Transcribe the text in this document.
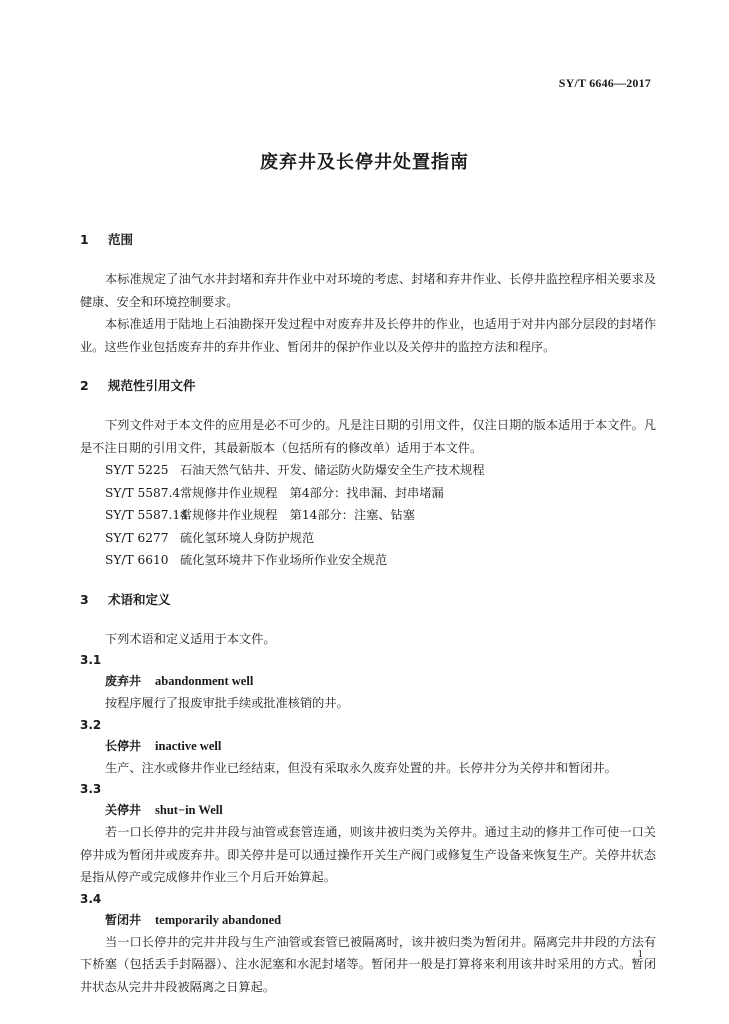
SY/T 6646—2017
废弃井及长停井处置指南
1 范围

本标准规定了油气水井封堵和弃井作业中对环境的考虑、封堵和弃井作业、长停井监控程序相关要求及健康、安全和环境控制要求。

本标准适用于陆地上石油勘探开发过程中对废弃井及长停井的作业，也适用于对井内部分层段的封堵作业。这些作业包括废弃井的弃井作业、暂闭井的保护作业以及关停井的监控方法和程序。

2 规范性引用文件

下列文件对于本文件的应用是必不可少的。凡是注日期的引用文件，仅注日期的版本适用于本文件。凡是不注日期的引用文件，其最新版本（包括所有的修改单）适用于本文件。

SY/T 5225 石油天然气钻井、开发、储运防火防爆安全生产技术规程
SY/T 5587.4常规修井作业规程　第4部分：找串漏、封串堵漏
SY/T 5587.14常规修井作业规程　第14部分：注塞、钻塞
SY/T 6277 硫化氢环境人身防护规范
SY/T 6610 硫化氢环境井下作业场所作业安全规范
3 术语和定义

下列术语和定义适用于本文件。

3.1
废弃井 abandonment well

按程序履行了报废审批手续或批准核销的井。

3.2
长停井 inactive well

生产、注水或修井作业已经结束，但没有采取永久废弃处置的井。长停井分为关停井和暂闭井。

3.3
关停井 shut−in Well

若一口长停井的完井井段与油管或套管连通，则该井被归类为关停井。通过主动的修井工作可使一口关停井成为暂闭井或废弃井。即关停井是可以通过操作开关生产阀门或修复生产设备来恢复生产。关停井状态是指从停产或完成修井作业三个月后开始算起。

3.4
暂闭井 temporarily abandoned

当一口长停井的完井井段与生产油管或套管已被隔离时，该井被归类为暂闭井。隔离完井井段的方法有下桥塞（包括丢手封隔器）、注水泥塞和水泥封堵等。暂闭井一般是打算将来利用该井时采用的方式。暂闭井状态从完井井段被隔离之日算起。

1
